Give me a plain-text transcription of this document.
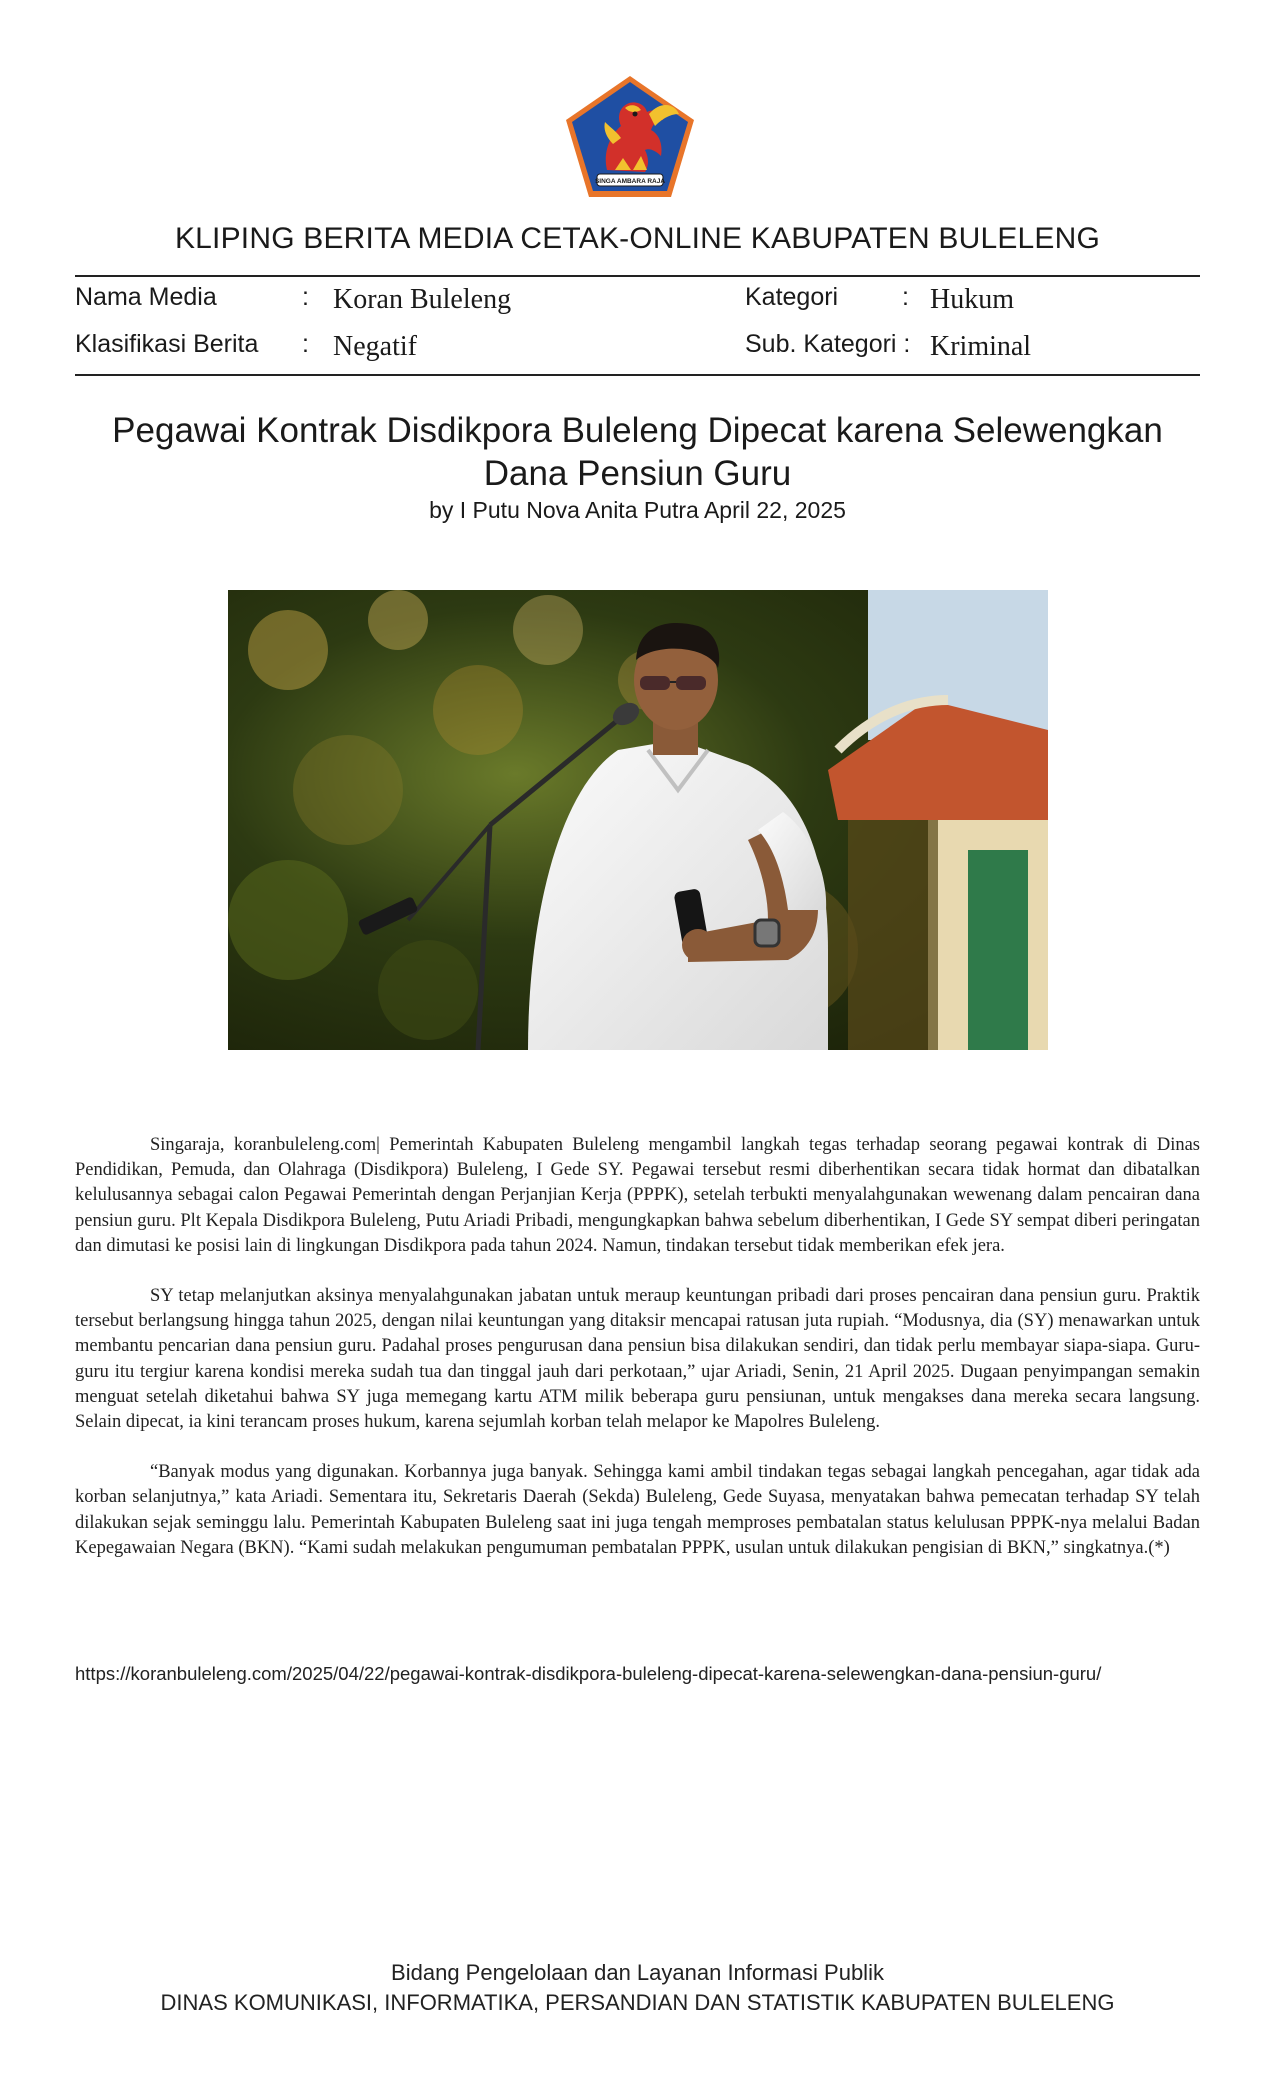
SINGA AMBARA RAJA
KLIPING BERITA MEDIA CETAK-ONLINE KABUPATEN BULELENG
Nama Media	: Koran Buleleng	Kategori	: Hukum
Klasifikasi Berita : Negatif	Sub. Kategori : Kriminal
Pegawai Kontrak Disdikpora Buleleng Dipecat karena Selewengkan
Dana Pensiun Guru
by I Putu Nova Anita Putra April 22, 2025

Singaraja, koranbuleleng.com| Pemerintah Kabupaten Buleleng mengambil langkah tegas terhadap seorang pegawai kontrak di Dinas Pendidikan, Pemuda, dan Olahraga (Disdikpora) Buleleng, I Gede SY. Pegawai tersebut resmi diberhentikan secara tidak hormat dan dibatalkan kelulusannya sebagai calon Pegawai Pemerintah dengan Perjanjian Kerja (PPPK), setelah terbukti menyalahgunakan wewenang dalam pencairan dana pensiun guru. Plt Kepala Disdikpora Buleleng, Putu Ariadi Pribadi, mengungkapkan bahwa sebelum diberhentikan, I Gede SY sempat diberi peringatan dan dimutasi ke posisi lain di lingkungan Disdikpora pada tahun 2024. Namun, tindakan tersebut tidak memberikan efek jera.

SY tetap melanjutkan aksinya menyalahgunakan jabatan untuk meraup keuntungan pribadi dari proses pencairan dana pensiun guru. Praktik tersebut berlangsung hingga tahun 2025, dengan nilai keuntungan yang ditaksir mencapai ratusan juta rupiah. “Modusnya, dia (SY) menawarkan untuk membantu pencarian dana pensiun guru. Padahal proses pengurusan dana pensiun bisa dilakukan sendiri, dan tidak perlu membayar siapa-siapa. Guru-guru itu tergiur karena kondisi mereka sudah tua dan tinggal jauh dari perkotaan,” ujar Ariadi, Senin, 21 April 2025. Dugaan penyimpangan semakin menguat setelah diketahui bahwa SY juga memegang kartu ATM milik beberapa guru pensiunan, untuk mengakses dana mereka secara langsung. Selain dipecat, ia kini terancam proses hukum, karena sejumlah korban telah melapor ke Mapolres Buleleng.

“Banyak modus yang digunakan. Korbannya juga banyak. Sehingga kami ambil tindakan tegas sebagai langkah pencegahan, agar tidak ada korban selanjutnya,” kata Ariadi. Sementara itu, Sekretaris Daerah (Sekda) Buleleng, Gede Suyasa, menyatakan bahwa pemecatan terhadap SY telah dilakukan sejak seminggu lalu. Pemerintah Kabupaten Buleleng saat ini juga tengah memproses pembatalan status kelulusan PPPK-nya melalui Badan Kepegawaian Negara (BKN). “Kami sudah melakukan pengumuman pembatalan PPPK, usulan untuk dilakukan pengisian di BKN,” singkatnya.(*)

https://koranbuleleng.com/2025/04/22/pegawai-kontrak-disdikpora-buleleng-dipecat-karena-selewengkan-dana-pensiun-guru/
Bidang Pengelolaan dan Layanan Informasi Publik
DINAS KOMUNIKASI, INFORMATIKA, PERSANDIAN DAN STATISTIK KABUPATEN BULELENG
